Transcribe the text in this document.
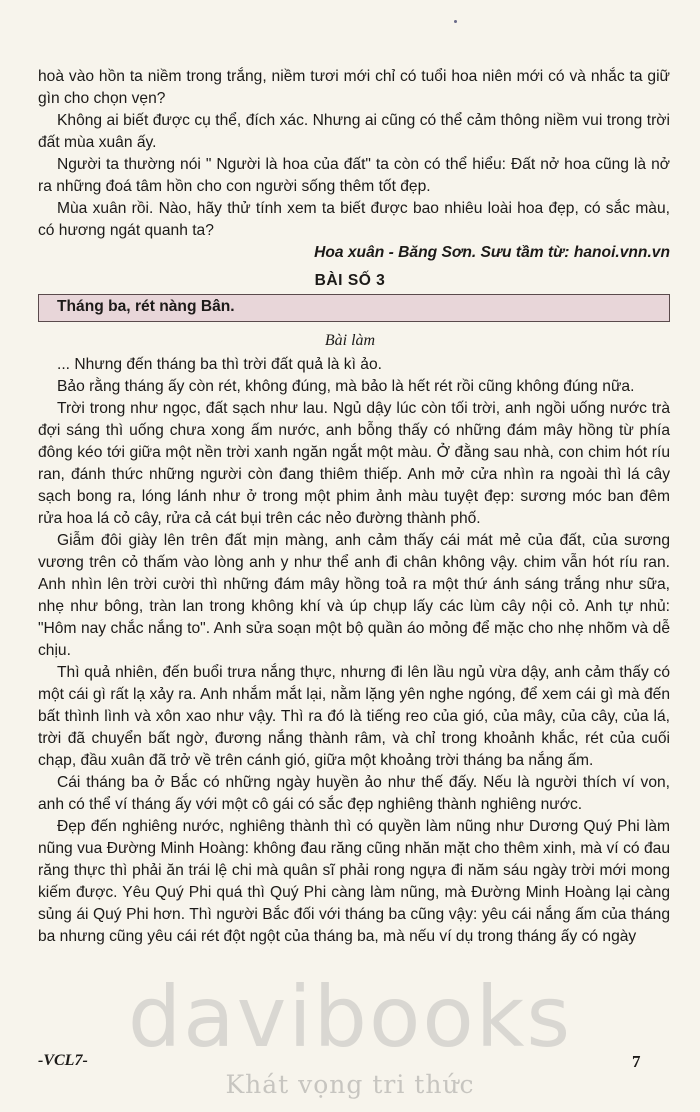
hoà vào hồn ta niềm trong trắng, niềm tươi mới chỉ có tuổi hoa niên mới có và nhắc ta giữ gìn cho chọn vẹn?

Không ai biết được cụ thể, đích xác. Nhưng ai cũng có thể cảm thông niềm vui trong trời đất mùa xuân ấy.

Người ta thường nói " Người là hoa của đất" ta còn có thể hiểu: Đất nở hoa cũng là nở ra những đoá tâm hồn cho con người sống thêm tốt đẹp.

Mùa xuân rồi. Nào, hãy thử tính xem ta biết được bao nhiêu loài hoa đẹp, có sắc màu, có hương ngát quanh ta?

Hoa xuân - Băng Sơn. Sưu tầm từ: hanoi.vnn.vn

BÀI SỐ 3
Tháng ba, rét nàng Bân.
Bài làm

... Nhưng đến tháng ba thì trời đất quả là kì ảo.

Bảo rằng tháng ấy còn rét, không đúng, mà bảo là hết rét rồi cũng không đúng nữa.

Trời trong như ngọc, đất sạch như lau. Ngủ dậy lúc còn tối trời, anh ngồi uống nước trà đợi sáng thì uống chưa xong ấm nước, anh bỗng thấy có những đám mây hồng từ phía đông kéo tới giữa một nền trời xanh ngăn ngắt một màu. Ở đằng sau nhà, con chim hót ríu ran, đánh thức những người còn đang thiêm thiếp. Anh mở cửa nhìn ra ngoài thì lá cây sạch bong ra, lóng lánh như ở trong một phim ảnh màu tuyệt đẹp: sương móc ban đêm rửa hoa lá cỏ cây, rửa cả cát bụi trên các nẻo đường thành phố.

Giẫm đôi giày lên trên đất mịn màng, anh cảm thấy cái mát mẻ của đất, của sương vương trên cỏ thấm vào lòng anh y như thể anh đi chân không vậy. chim vẫn hót ríu ran. Anh nhìn lên trời cười thì những đám mây hồng toả ra một thứ ánh sáng trắng như sữa, nhẹ như bông, tràn lan trong không khí và úp chụp lấy các lùm cây nội cỏ. Anh tự nhủ: "Hôm nay chắc nắng to". Anh sửa soạn một bộ quần áo mỏng để mặc cho nhẹ nhõm và dễ chịu.

Thì quả nhiên, đến buổi trưa nắng thực, nhưng đi lên lầu ngủ vừa dậy, anh cảm thấy có một cái gì rất lạ xảy ra. Anh nhắm mắt lại, nằm lặng yên nghe ngóng, để xem cái gì mà đến bất thình lình và xôn xao như vậy. Thì ra đó là tiếng reo của gió, của mây, của cây, của lá, trời đã chuyển bất ngờ, đương nắng thành râm, và chỉ trong khoảnh khắc, rét của cuối chạp, đầu xuân đã trở về trên cánh gió, giữa một khoảng trời tháng ba nắng ấm.

Cái tháng ba ở Bắc có những ngày huyền ảo như thế đấy. Nếu là người thích ví von, anh có thể ví tháng ấy với một cô gái có sắc đẹp nghiêng thành nghiêng nước.

Đẹp đến nghiêng nước, nghiêng thành thì có quyền làm nũng như Dương Quý Phi làm nũng vua Đường Minh Hoàng: không đau răng cũng nhăn mặt cho thêm xinh, mà ví có đau răng thực thì phải ăn trái lệ chi mà quân sĩ phải rong ngựa đi năm sáu ngày trời mới mong kiếm được. Yêu Quý Phi quá thì Quý Phi càng làm nũng, mà Đường Minh Hoàng lại càng sủng ái Quý Phi hơn. Thì người Bắc đối với tháng ba cũng vậy: yêu cái nắng ấm của tháng ba nhưng cũng yêu cái rét đột ngột của tháng ba, mà nếu ví dụ trong tháng ấy có ngày

davibooks
-VCL7-	7
Khát vọng tri thức
